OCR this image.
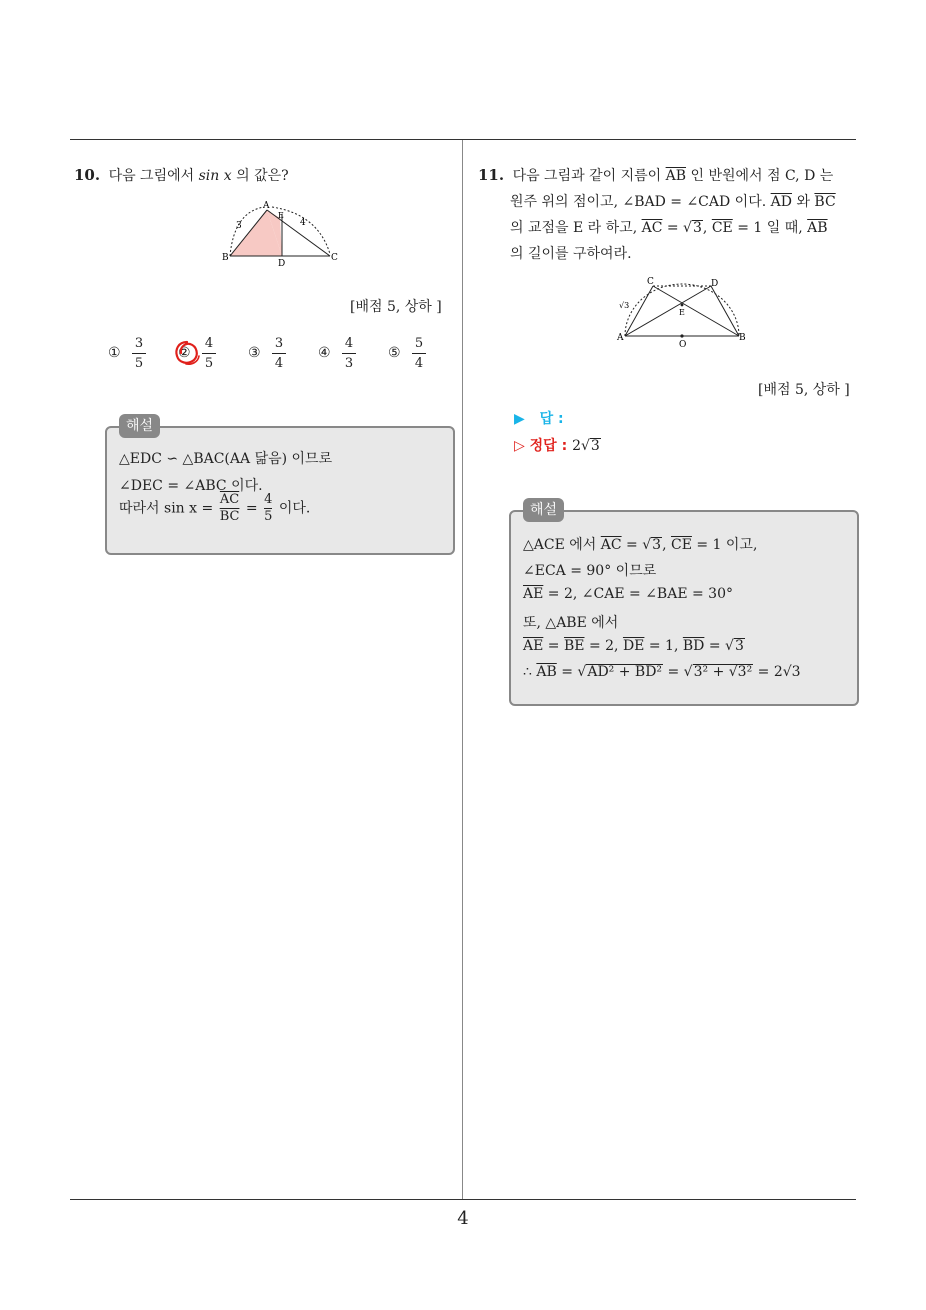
10. 다음 그림에서 sin x 의 값은?
A
B	C
D
E
3	4
[배점 5, 상하 ]
①
3
5
②
4
5
③
3
4
④
4
3
⑤
5
4
해설
△EDC ∽ △BAC(AA 닮음) 이므로
∠DEC = ∠ABC 이다.
따라서 $\sin x = \frac{\overline{AC}}{BC} = \frac{4}{5}$ 이다.
11. 다음 그림과 같이 지름이 $\overline{AB}$ 인 반원에서 점 C, D 는
원주 위의 점이고, ∠BAD = ∠CAD 이다. $\overline{AD}$ 와 $\overline{BC}$
의 교점을 E 라 하고, $\overline{AC} = √3$, $\overline{CE} = 1$ 일 때, $\overline{AB}$
의 길이를 구하여라.
C	D
A	B
O
E
√3
[배점 5, 상하 ]
▶ 답 :
▷ 정답 : 2√3
해설
△ACE 에서 $\overline{AC} = √3$, $\overline{CE} = 1$ 이고,
∠ECA = 90° 이므로
$\overline{AE} = 2$, ∠CAE = ∠BAE = 30°
또, △ABE 에서
$\overline{AE} = \overline{BE} = 2$, $\overline{DE} = 1$, $\overline{BD} = √3$
∴ $\overline{AB} = √AD^2 + BD^2 = √3^2 + √3^2 = 2√3$
4
